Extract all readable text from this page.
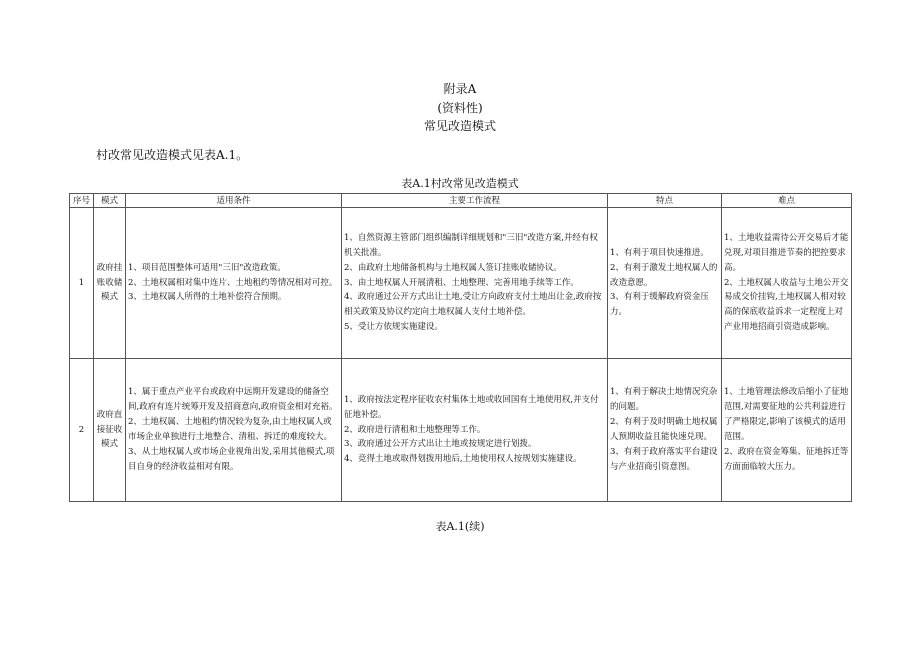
附录A
(资料性)
常见改造模式
村改常见改造模式见表A.1。
表A.1村改常见改造模式
序号	模式	适用条件	主要工作流程	特点	难点
1	政府挂账收储模式	1、项目范围整体可适用"三旧"改造政策。
2、土地权属相对集中连片、土地租约等情况相对可控。
3、土地权属人所得的土地补偿符合预期。	1、自然资源主管部门组织编制详细规划和"三旧"改造方案,并经有权机关批准。
2、由政府土地储备机构与土地权属人签订挂账收储协议。
3、由土地权属人开展清租、土地整理、完善用地手续等工作。
4、政府通过公开方式出让土地,受让方向政府支付土地出让金,政府按相关政策及协议约定向土地权属人支付土地补偿。
5、受让方依规实施建设。	1、有利于项目快速推进。
2、有利于激发土地权属人的改造意愿。
3、有利于缓解政府资金压力。	1、土地收益需待公开交易后才能兑现,对项目推进节奏的把控要求高。
2、土地权属人收益与土地公开交易成交价挂钩,土地权属人相对较高的保底收益诉求一定程度上对产业用地招商引资造成影响。

2	政府直接征收模式	1、属于重点产业平台或政府中远期开发建设的储备空间,政府有连片统筹开发及招商意向,政府资金相对充裕。
2、土地权属、土地租约情况较为复杂,由土地权属人或市场企业单独进行土地整合、清租、拆迁的难度较大。
3、从土地权属人或市场企业视角出发,采用其他模式,项目自身的经济收益相对有限。	1、政府按法定程序征收农村集体土地或收回国有土地使用权,并支付征地补偿。
2、政府进行清租和土地整理等工作。
3、政府通过公开方式出让土地或按规定进行划拨。
4、竞得土地或取得划拨用地后,土地使用权人按规划实施建设。	1、有利于解决土地情况究杂的问题。
2、有利于及时明确土地权属人预期收益且能快速兑现。
3、有利于政府落实平台建设与产业招商引资意图。	1、土地管理法修改后缩小了征地范围,对需要征地的公共利益进行了严格限定,影响了该模式的适用范围。
2、政府在资金筹集、征地拆迁等方面面临较大压力。
表A.1(续)
